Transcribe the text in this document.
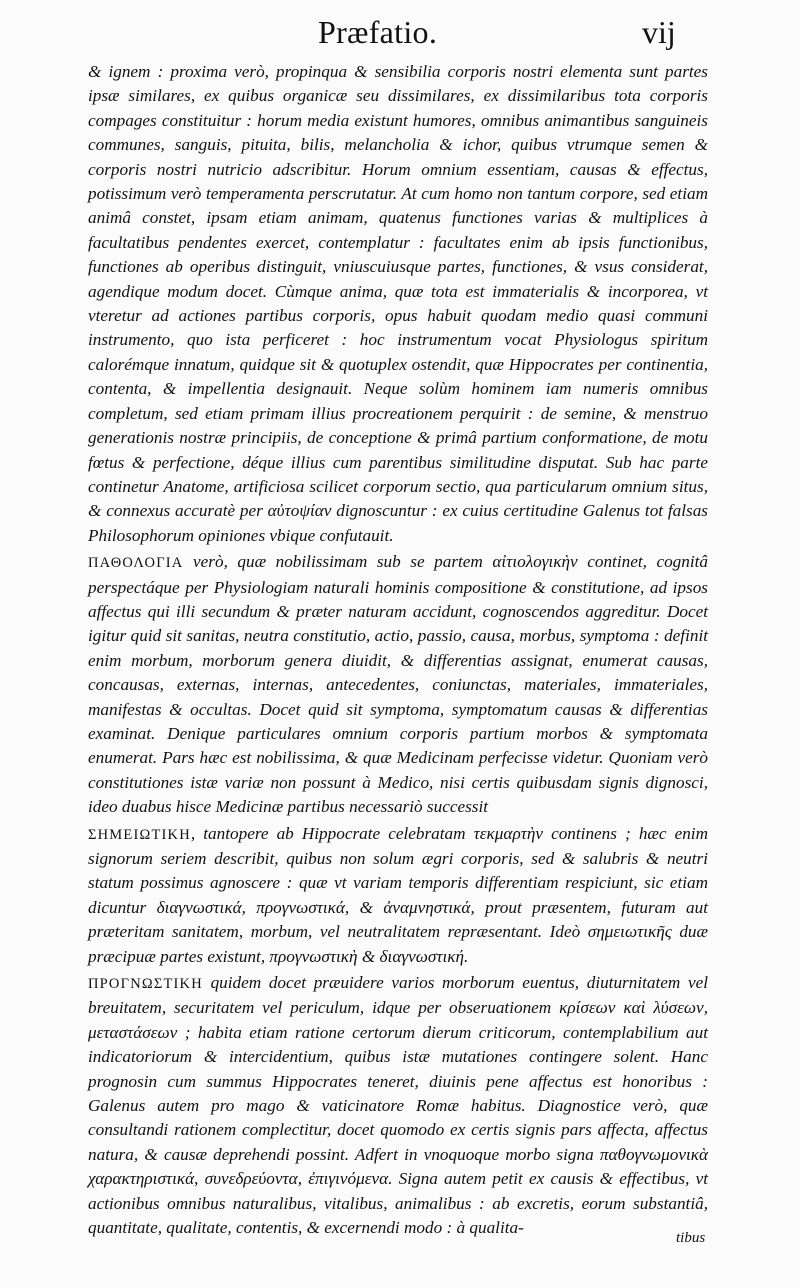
Præfatio.	vij

& ignem : proxima verò, propinqua & sensibilia corporis nostri elementa sunt partes ipsæ similares, ex quibus organicæ seu dissimilares, ex dissimilaribus tota corporis compages constituitur : horum media existunt humores, omnibus animantibus sanguineis communes, sanguis, pituita, bilis, melancholia & ichor, quibus vtrumque semen & corporis nostri nutricio adscribitur. Horum omnium essentiam, causas & effectus, potissimum verò temperamenta perscrutatur. At cum homo non tantum corpore, sed etiam animâ constet, ipsam etiam animam, quatenus functiones varias & multiplices à facultatibus pendentes exercet, contemplatur : facultates enim ab ipsis functionibus, functiones ab operibus distinguit, vniuscuiusque partes, functiones, & vsus considerat, agendique modum docet. Cùmque anima, quæ tota est immaterialis & incorporea, vt vteretur ad actiones partibus corporis, opus habuit quodam medio quasi communi instrumento, quo ista perficeret : hoc instrumentum vocat Physiologus spiritum calorémque innatum, quidque sit & quotuplex ostendit, quæ Hippocrates per continentia, contenta, & impellentia designauit. Neque solùm hominem iam numeris omnibus completum, sed etiam primam illius procreationem perquirit : de semine, & menstruo generationis nostræ principiis, de conceptione & primâ partium conformatione, de motu fœtus & perfectione, déque illius cum parentibus similitudine disputat. Sub hac parte continetur Anatome, artificiosa scilicet corporum sectio, qua particularum omnium situs, & connexus accuratè per αὐτοψίαν dignoscuntur : ex cuius certitudine Galenus tot falsas Philosophorum opiniones vbique confutauit.

ΠΑΘΟΛΟΓΙΑ verò, quæ nobilissimam sub se partem αἰτιολογικὴν continet, cognitâ perspectáque per Physiologiam naturali hominis compositione & constitutione, ad ipsos affectus qui illi secundum & præter naturam accidunt, cognoscendos aggreditur. Docet igitur quid sit sanitas, neutra constitutio, actio, passio, causa, morbus, symptoma : definit enim morbum, morborum genera diuidit, & differentias assignat, enumerat causas, concausas, externas, internas, antecedentes, coniunctas, materiales, immateriales, manifestas & occultas. Docet quid sit symptoma, symptomatum causas & differentias examinat. Denique particulares omnium corporis partium morbos & symptomata enumerat. Pars hæc est nobilissima, & quæ Medicinam perfecisse videtur. Quoniam verò constitutiones istæ variæ non possunt à Medico, nisi certis quibusdam signis dignosci, ideo duabus hisce Medicinæ partibus necessariò successit

ΣΗΜΕΙΩΤΙΚΗ, tantopere ab Hippocrate celebratam τεκμαρτὴν continens ; hæc enim signorum seriem describit, quibus non solum ægri corporis, sed & salubris & neutri statum possimus agnoscere : quæ vt variam temporis differentiam respiciunt, sic etiam dicuntur διαγνωστικά, προγνωστικά, & ἀναμνηστικά, prout præsentem, futuram aut præteritam sanitatem, morbum, vel neutralitatem repræsentant. Ideò σημειωτικῆς duæ præcipuæ partes existunt, προγνωστικὴ & διαγνωστική.

ΠΡΟΓΝΩΣΤΙΚΗ quidem docet præuidere varios morborum euentus, diuturnitatem vel breuitatem, securitatem vel periculum, idque per obseruationem κρίσεων καὶ λύσεων, μεταστάσεων ; habita etiam ratione certorum dierum criticorum, contemplabilium aut indicatoriorum & intercidentium, quibus istæ mutationes contingere solent. Hanc prognosin cum summus Hippocrates teneret, diuinis pene affectus est honoribus : Galenus autem pro mago & vaticinatore Romæ habitus. Diagnostice verò, quæ consultandi rationem complectitur, docet quomodo ex certis signis pars affecta, affectus natura, & causæ deprehendi possint. Adfert in vnoquoque morbo signa παθογνωμονικὰ χαρακτηριστικά, συνεδρεύοντα, ἐπιγινόμενα. Signa autem petit ex causis & effectibus, vt actionibus omnibus naturalibus, vitalibus, animalibus : ab excretis, eorum substantiâ, quantitate, qualitate, contentis, & excernendi modo : à qualita-

tibus
